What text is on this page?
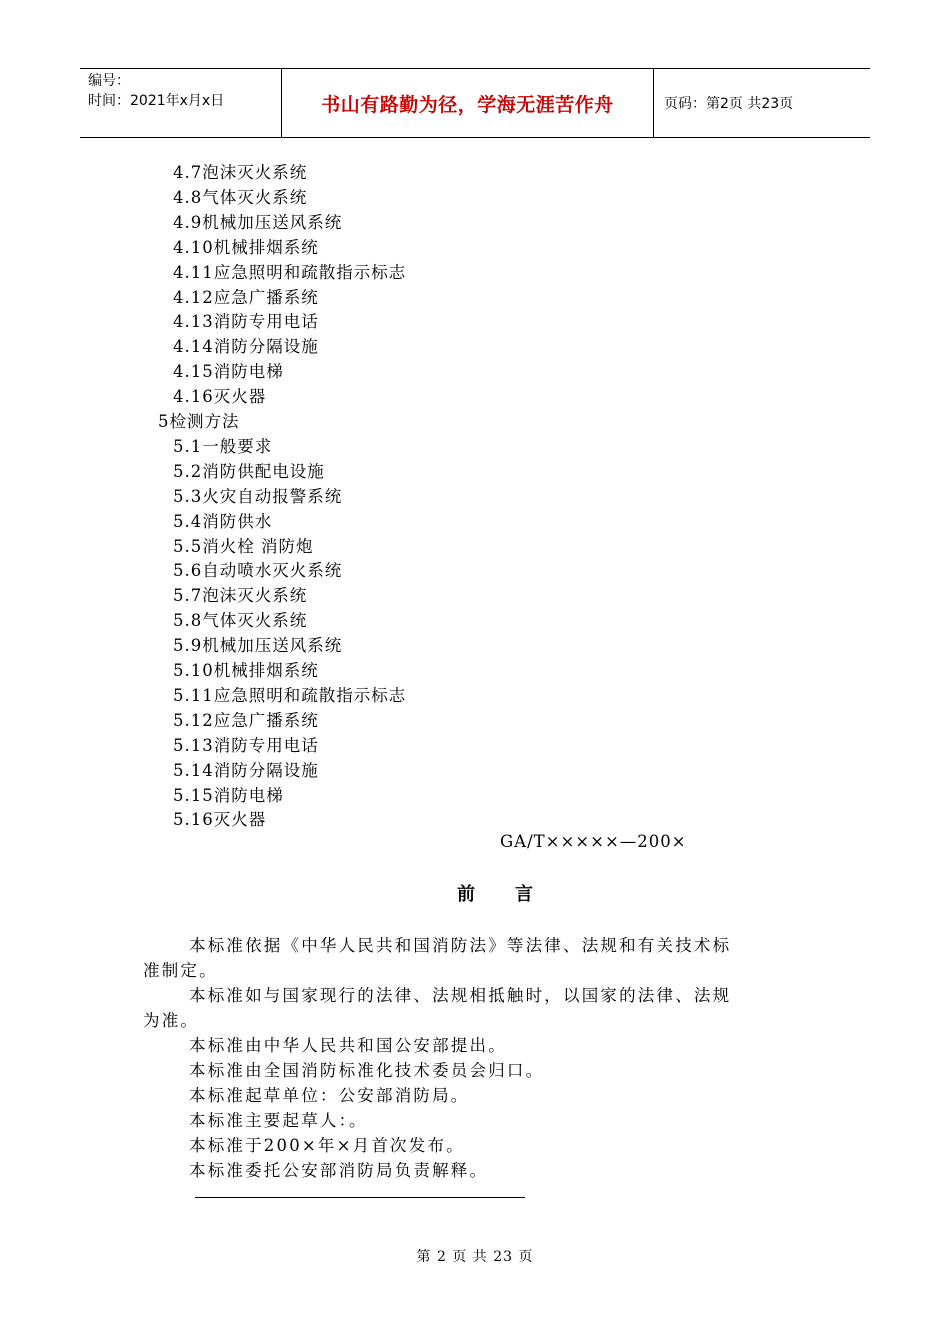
编号：
时间：2021年x月x日	书山有路勤为径，学海无涯苦作舟	页码：第2页 共23页
4.7泡沫灭火系统
4.8气体灭火系统
4.9机械加压送风系统
4.10机械排烟系统
4.11应急照明和疏散指示标志
4.12应急广播系统
4.13消防专用电话
4.14消防分隔设施
4.15消防电梯
4.16灭火器
5检测方法
5.1一般要求
5.2消防供配电设施
5.3火灾自动报警系统
5.4消防供水
5.5消火栓 消防炮
5.6自动喷水灭火系统
5.7泡沫灭火系统
5.8气体灭火系统
5.9机械加压送风系统
5.10机械排烟系统
5.11应急照明和疏散指示标志
5.12应急广播系统
5.13消防专用电话
5.14消防分隔设施
5.15消防电梯
5.16灭火器
GA/T×××××—200×
前言
本标准依据《中华人民共和国消防法》等法律、法规和有关技术标
准制定。
本标准如与国家现行的法律、法规相抵触时，以国家的法律、法规
为准。
本标准由中华人民共和国公安部提出。
本标准由全国消防标准化技术委员会归口。
本标准起草单位：公安部消防局。
本标准主要起草人：。
本标准于200×年×月首次发布。
本标准委托公安部消防局负责解释。
第 2 页 共 23 页
